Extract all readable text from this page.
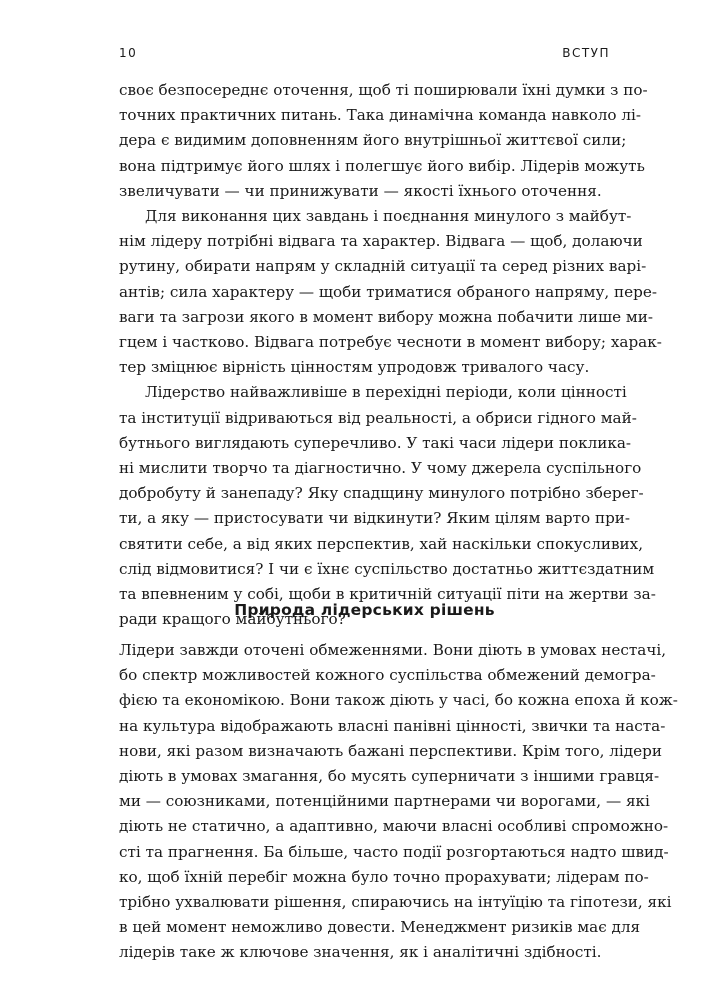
10	ВСТУП
своє безпосереднє оточення, щоб ті поширювали їхні думки з по-
точних практичних питань. Така динамічна команда навколо лі-
дера є видимим доповненням його внутрішньої життєвої сили;
вона підтримує його шлях і полегшує його вибір. Лідерів можуть
звеличувати — чи принижувати — якості їхнього оточення.
Для виконання цих завдань і поєднання минулого з майбут-
нім лідеру потрібні відвага та характер. Відвага — щоб, долаючи
рутину, обирати напрям у складній ситуації та серед різних варі-
антів; сила характеру — щоби триматися обраного напряму, пере-
ваги та загрози якого в момент вибору можна побачити лише ми-
гцем і частково. Відвага потребує чесноти в момент вибору; харак-
тер зміцнює вірність цінностям упродовж тривалого часу.
Лідерство найважливіше в перехідні періоди, коли цінності
та інституції відриваються від реальності, а обриси гідного май-
бутнього виглядають суперечливо. У такі часи лідери поклика-
ні мислити творчо та діагностично. У чому джерела суспільного
добробуту й занепаду? Яку спадщину минулого потрібно зберег-
ти, а яку — пристосувати чи відкинути? Яким цілям варто при-
святити себе, а від яких перспектив, хай наскільки спокусливих,
слід відмовитися? І чи є їхнє суспільство достатньо життєздатним
та впевненим у собі, щоби в критичній ситуації піти на жертви за-
ради кращого майбутнього?
Природа лідерських рішень
Лідери завжди оточені обмеженнями. Вони діють в умовах нестачі,
бо спектр можливостей кожного суспільства обмежений демогра-
фією та економікою. Вони також діють у часі, бо кожна епоха й кож-
на культура відображають власні панівні цінності, звички та наста-
нови, які разом визначають бажані перспективи. Крім того, лідери
діють в умовах змагання, бо мусять суперничати з іншими гравця-
ми — союзниками, потенційними партнерами чи ворогами, — які
діють не статично, а адаптивно, маючи власні особливі спроможно-
сті та прагнення. Ба більше, часто події розгортаються надто швид-
ко, щоб їхній перебіг можна було точно прорахувати; лідерам по-
трібно ухвалювати рішення, спираючись на інтуїцію та гіпотези, які
в цей момент неможливо довести. Менеджмент ризиків має для
лідерів таке ж ключове значення, як і аналітичні здібності.
